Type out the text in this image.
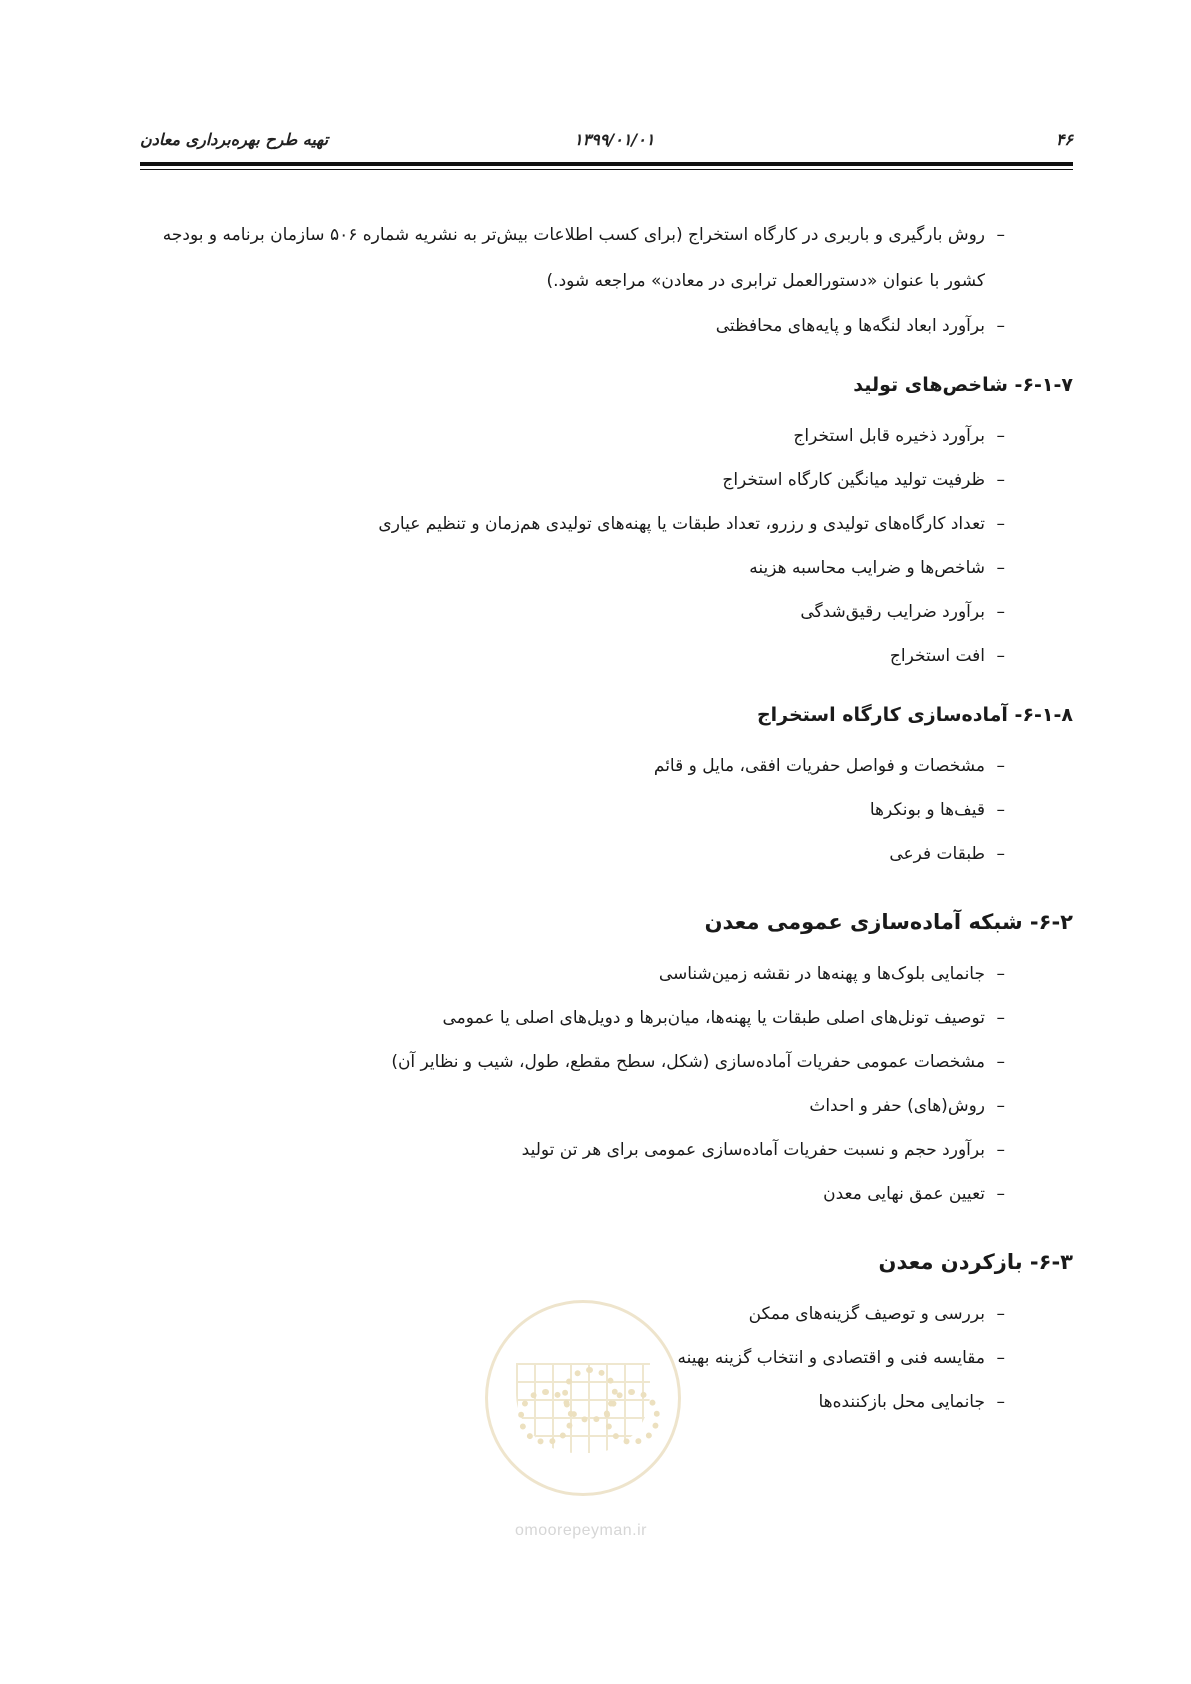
۴۶
۱۳۹۹/۰۱/۰۱
تهیه طرح بهره‌برداری معادن
–
روش بارگیری و باربری در کارگاه استخراج (برای کسب اطلاعات بیش‌تر به نشریه شماره ۵۰۶ سازمان برنامه و بودجه کشور با عنوان «دستورالعمل ترابری در معادن» مراجعه شود.)
–
برآورد ابعاد لنگه‌ها و پایه‌های محافظتی
۶-۱-۷- شاخص‌های تولید
–
برآورد ذخیره قابل استخراج
–
ظرفیت تولید میانگین کارگاه استخراج
–
تعداد کارگاه‌های تولیدی و رزرو، تعداد طبقات یا پهنه‌های تولیدی هم‌زمان و تنظیم عیاری
–
شاخص‌ها و ضرایب محاسبه هزینه
–
برآورد ضرایب رقیق‌شدگی
–
افت استخراج
۶-۱-۸- آماده‌سازی کارگاه استخراج
–
مشخصات و فواصل حفریات افقی، مایل و قائم
–
قیف‌ها و بونکرها
–
طبقات فرعی
۶-۲- شبکه آماده‌سازی عمومی معدن
–
جانمایی بلوک‌ها و پهنه‌ها در نقشه زمین‌شناسی
–
توصیف تونل‌های اصلی طبقات یا پهنه‌ها، میان‌برها و دویل‌های اصلی یا عمومی
–
مشخصات عمومی حفریات آماده‌سازی (شکل، سطح مقطع، طول، شیب و نظایر آن)
–
روش(های) حفر و احداث
–
برآورد حجم و نسبت حفریات آماده‌سازی عمومی برای هر تن تولید
–
تعیین عمق نهایی معدن
۶-۳- بازکردن معدن
–
بررسی و توصیف گزینه‌های ممکن
–
مقایسه فنی و اقتصادی و انتخاب گزینه بهینه
–
جانمایی محل بازکننده‌ها
omoorepeyman.ir
